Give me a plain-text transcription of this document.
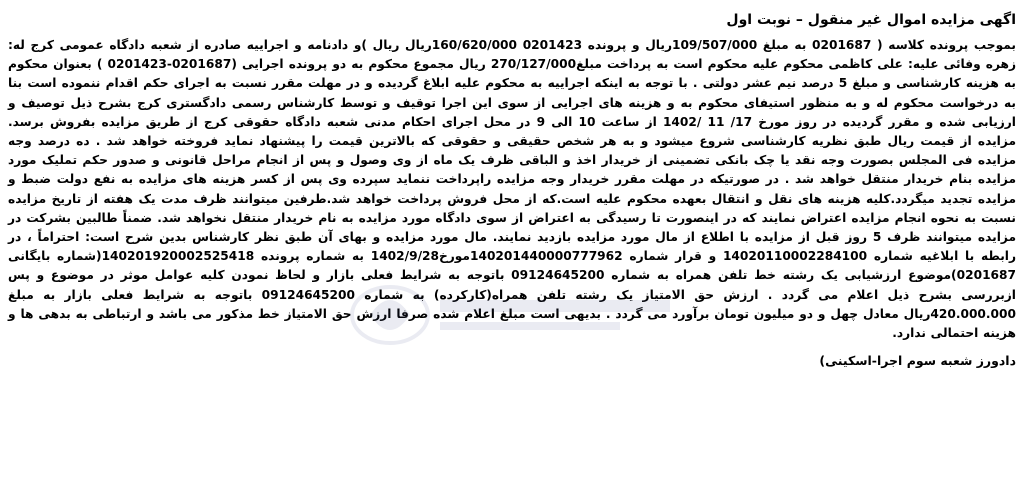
اگهی مزایده اموال غیر منقول – نوبت اول

بموجب پرونده کلاسه ( 0201687 به مبلغ 109/507/000ریال و پرونده 0201423 160/620/000ریال ریال )و دادنامه و اجراییه صادره از شعبه دادگاه عمومی کرج له: زهره وفائی علیه: علی کاظمی محکوم علیه محکوم است به پرداخت مبلغ270/127/000 ریال مجموع محکوم به دو پرونده اجرایی (0201687-0201423 ) بعنوان محکوم به هزینه کارشناسی و مبلغ 5 درصد نیم عشر دولتی . با توجه به اینکه اجراییه به محکوم علیه ابلاغ گردیده و در مهلت مقرر نسبت به اجرای حکم اقدام ننموده است بنا به درخواست محکوم له و به منظور استیفای محکوم به و هزینه های اجرایی از سوی این اجرا توقیف و توسط کارشناس رسمی دادگستری کرج بشرح ذیل توصیف و ارزیابی شده و مقرر گردیده در روز مورخ 17/ 11 /1402 از ساعت 10 الی 9 در محل اجرای احکام مدنی شعبه دادگاه حقوقی کرج از طریق مزایده بفروش برسد. مزایده از قیمت ریال طبق نظریه کارشناسی شروع میشود و به هر شخص حقیقی و حقوقی که بالاترین قیمت را پیشنهاد نماید فروخته خواهد شد . ده درصد وجه مزایده فی المجلس بصورت وجه نقد یا چک بانکی تضمینی از خریدار اخذ و الباقی ظرف یک ماه از وی وصول و پس از انجام مراحل قانونی و صدور حکم تملیک مورد مزایده بنام خریدار منتقل خواهد شد . در صورتیکه در مهلت مقرر خریدار وجه مزایده راپرداخت ننماید سپرده وی پس از کسر هزینه های مزایده به نفع دولت ضبط و مزایده تجدید میگردد.کلیه هزینه های نقل و انتقال بعهده محکوم علیه است.که از محل فروش پرداخت خواهد شد.طرفین میتوانند ظرف مدت یک هفته از تاریخ مزایده نسبت به نحوه انجام مزایده اعتراض نمایند که در اینصورت تا رسیدگی به اعتراض از سوی دادگاه مورد مزایده به نام خریدار منتقل نخواهد شد. ضمناً طالبین بشرکت در مزایده میتوانند ظرف 5 روز قبل از مزایده با اطلاع از مال مورد مزایده بازدید نمایند. مال مورد مزایده و بهای آن طبق نظر کارشناس بدین شرح است: احتراماً ، در رابطه با ابلاغیه شماره 14020110002284100 و قرار شماره 140201440000777962مورخ1402/9/28 به شماره پرونده 140201920002525418(شماره بایگانی 0201687)موضوع ارزشیابی یک رشته خط تلفن همراه به شماره 09124645200 باتوجه به شرایط فعلی بازار و لحاظ نمودن کلیه عوامل موثر در موضوع و پس ازبررسی بشرح ذیل اعلام می گردد . ارزش حق الامتیاز یک رشته تلفن همراه(کارکرده) به شماره 09124645200 باتوجه به شرایط فعلی بازار به مبلغ 420.000.000ریال معادل چهل و دو میلیون تومان برآورد می گردد . بدیهی است مبلغ اعلام شده صرفا ارزش حق الامتیاز خط مذکور می باشد و ارتباطی به بدهی ها و هزینه احتمالی ندارد.

دادورز شعبه سوم اجرا-اسکینی)
